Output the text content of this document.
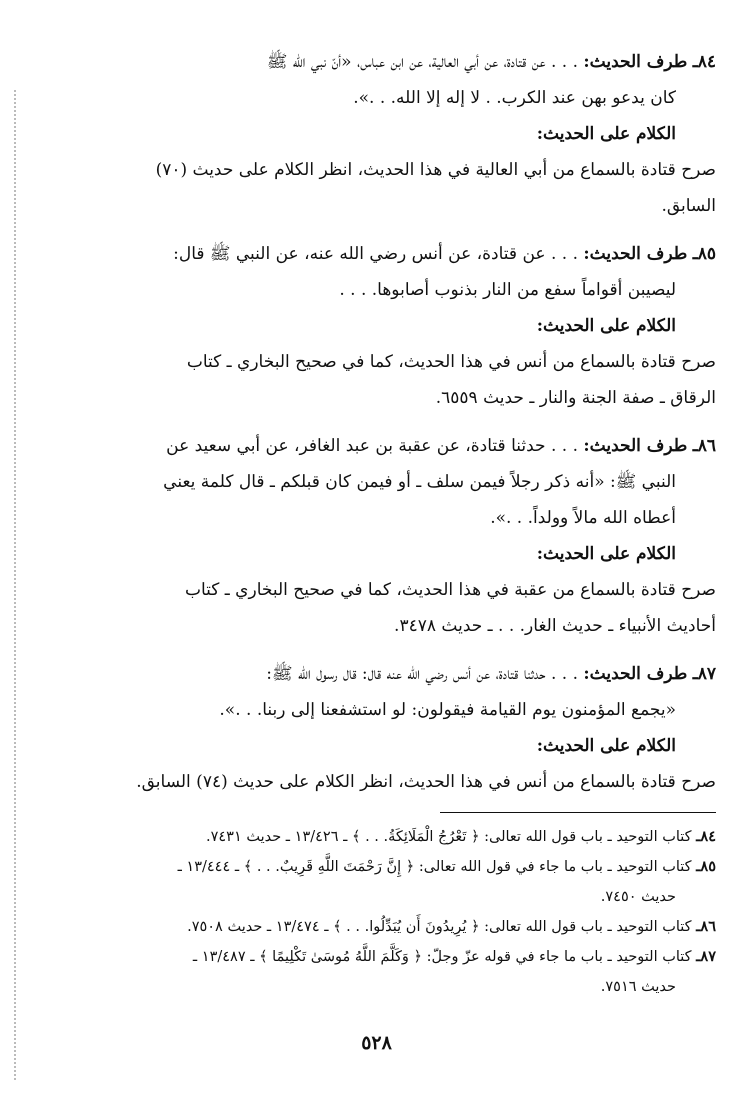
٨٤ـ طرف الحديث: . . . عن قتادة، عن أبي العالية، عن ابن عباس، «أنّ نبي الله ﷺ
كان يدعو بهن عند الكرب. . لا إله إلا الله. . .».
الكلام على الحديث:
صرح قتادة بالسماع من أبي العالية في هذا الحديث، انظر الكلام على حديث (٧٠)
السابق.
٨٥ـ طرف الحديث: . . . عن قتادة، عن أنس رضي الله عنه، عن النبي ﷺ قال:
ليصيبن أقواماً سفع من النار بذنوب أصابوها. . . .
الكلام على الحديث:
صرح قتادة بالسماع من أنس في هذا الحديث، كما في صحيح البخاري ـ كتاب
الرقاق ـ صفة الجنة والنار ـ حديث ٦٥٥٩.
٨٦ـ طرف الحديث: . . . حدثنا قتادة، عن عقبة بن عبد الغافر، عن أبي سعيد عن
النبي ﷺ: «أنه ذكر رجلاً فيمن سلف ـ أو فيمن كان قبلكم ـ قال كلمة يعني
أعطاه الله مالاً وولداً. . .».
الكلام على الحديث:
صرح قتادة بالسماع من عقبة في هذا الحديث، كما في صحيح البخاري ـ كتاب
أحاديث الأنبياء ـ حديث الغار. . . ـ حديث ٣٤٧٨.
٨٧ـ طرف الحديث: . . . حدثنا قتادة، عن أنس رضي الله عنه قال: قال رسول الله ﷺ:
«يجمع المؤمنون يوم القيامة فيقولون: لو استشفعنا إلى ربنا. . .».
الكلام على الحديث:
صرح قتادة بالسماع من أنس في هذا الحديث، انظر الكلام على حديث (٧٤) السابق.
٨٤ـ كتاب التوحيد ـ باب قول الله تعالى: ﴿ تَعْرُجُ الْمَلَائِكَةُ. . . ﴾ ـ ١٣/٤٢٦ ـ حديث ٧٤٣١.
٨٥ـ كتاب التوحيد ـ باب ما جاء في قول الله تعالى: ﴿ إِنَّ رَحْمَتَ اللَّهِ قَرِيبٌ. . . ﴾ ـ ١٣/٤٤٤ ـ
حديث ٧٤٥٠.
٨٦ـ كتاب التوحيد ـ باب قول الله تعالى: ﴿ يُرِيدُونَ أَن يُبَدِّلُوا. . . ﴾ ـ ١٣/٤٧٤ ـ حديث ٧٥٠٨.
٨٧ـ كتاب التوحيد ـ باب ما جاء في قوله عزّ وجلّ: ﴿ وَكَلَّمَ اللَّهُ مُوسَىٰ تَكْلِيمًا ﴾ ـ ١٣/٤٨٧ ـ
حديث ٧٥١٦.
٥٢٨
